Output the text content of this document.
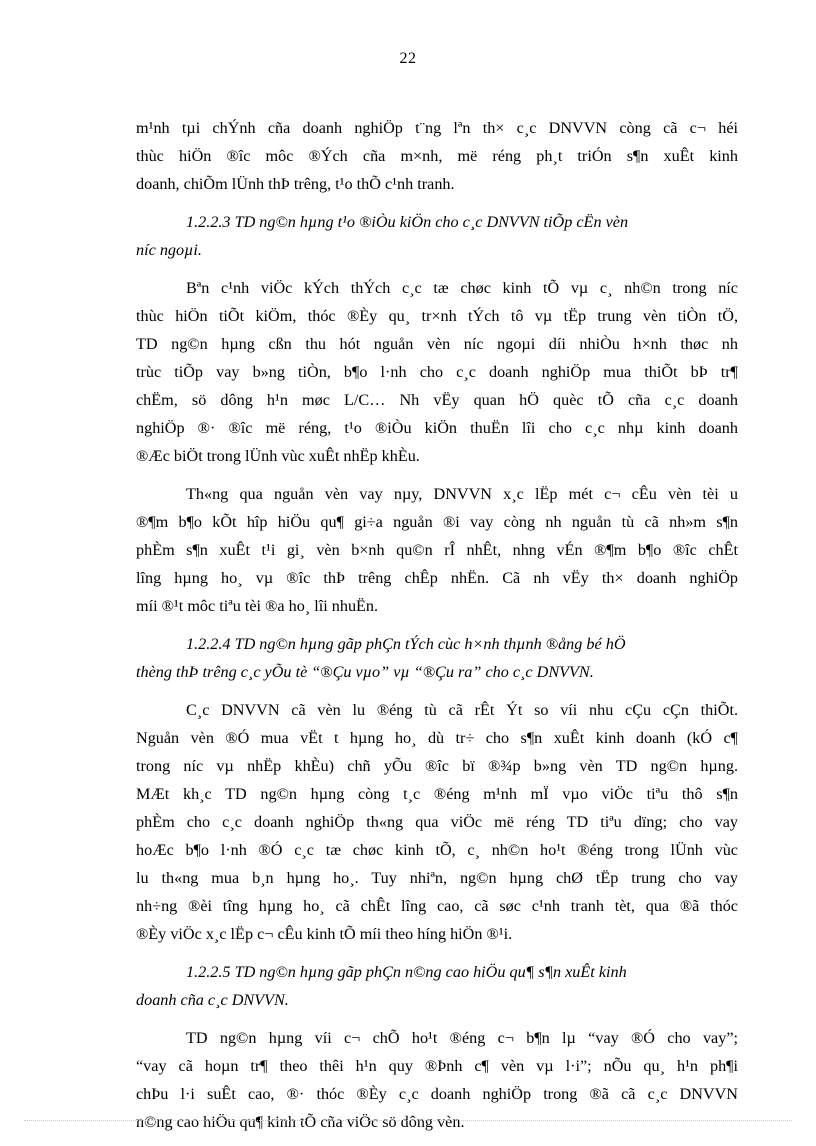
22
m¹nh tµi chÝnh cña doanh nghiÖp t¨ng lªn th× c¸c DNVVN còng cã c¬ héi
thùc hiÖn ®îc môc ®Ých cña m×nh, më réng ph¸t triÓn s¶n xuÊt kinh
doanh, chiÕm lÜnh thÞ trêng, t¹o thÕ c¹nh tranh.
1.2.2.3 TD ng©n hµng t¹o ®iÒu kiÖn cho c¸c DNVVN tiÕp cËn vèn
níc ngoµi.
Bªn c¹nh viÖc kÝch thÝch c¸c tæ chøc kinh tÕ vµ c¸ nh©n trong níc
thùc hiÖn tiÕt kiÖm, thóc ®Èy qu¸ tr×nh tÝch tô vµ tËp trung vèn tiÒn tÖ,
TD ng©n hµng cßn thu hót nguån vèn níc ngoµi díi nhiÒu h×nh thøc nh
trùc tiÕp vay b»ng tiÒn, b¶o l·nh cho c¸c doanh nghiÖp mua thiÕt bÞ tr¶
chËm, sö dông h¹n møc L/C… Nh vËy quan hÖ quèc tÕ cña c¸c doanh
nghiÖp ®· ®îc më réng, t¹o ®iÒu kiÖn thuËn lîi cho c¸c nhµ kinh doanh
®Æc biÖt trong lÜnh vùc xuÊt nhËp khÈu.
Th«ng qua nguån vèn vay nµy, DNVVN x¸c lËp mét c¬ cÊu vèn tèi u
®¶m b¶o kÕt hîp hiÖu qu¶ gi÷a nguån ®i vay còng nh nguån tù cã nh»m s¶n
phÈm s¶n xuÊt t¹i gi¸ vèn b×nh qu©n rÎ nhÊt, nhng vÉn ®¶m b¶o ®îc chÊt
lîng hµng ho¸ vµ ®îc thÞ trêng chÊp nhËn. Cã nh vËy th× doanh nghiÖp
míi ®¹t môc tiªu tèi ®a ho¸ lîi nhuËn.
1.2.2.4 TD ng©n hµng gãp phÇn tÝch cùc h×nh thµnh ®ång bé hÖ
thèng thÞ trêng c¸c yÕu tè “®Çu vµo” vµ “®Çu ra” cho c¸c DNVVN.
C¸c DNVVN cã vèn lu ®éng tù cã rÊt Ýt so víi nhu cÇu cÇn thiÕt.
Nguån vèn ®Ó mua vËt t hµng ho¸ dù tr÷ cho s¶n xuÊt kinh doanh (kÓ c¶
trong níc vµ nhËp khÈu) chñ yÕu ®îc bï ®¾p b»ng vèn TD ng©n hµng.
MÆt kh¸c TD ng©n hµng còng t¸c ®éng m¹nh mÏ vµo viÖc tiªu thô s¶n
phÈm cho c¸c doanh nghiÖp th«ng qua viÖc më réng TD tiªu dïng; cho vay
hoÆc b¶o l·nh ®Ó c¸c tæ chøc kinh tÕ, c¸ nh©n ho¹t ®éng trong lÜnh vùc
lu th«ng mua b¸n hµng ho¸. Tuy nhiªn, ng©n hµng chØ tËp trung cho vay
nh÷ng ®èi tîng hµng ho¸ cã chÊt lîng cao, cã søc c¹nh tranh tèt, qua ®ã thóc
®Èy viÖc x¸c lËp c¬ cÊu kinh tÕ míi theo híng hiÖn ®¹i.
1.2.2.5 TD ng©n hµng gãp phÇn n©ng cao hiÖu qu¶ s¶n xuÊt kinh
doanh cña c¸c DNVVN.
TD ng©n hµng víi c¬ chÕ ho¹t ®éng c¬ b¶n lµ “vay ®Ó cho vay”;
“vay cã hoµn tr¶ theo thêi h¹n quy ®Þnh c¶ vèn vµ l·i”; nÕu qu¸ h¹n ph¶i
chÞu l·i suÊt cao, ®· thóc ®Èy c¸c doanh nghiÖp trong ®ã cã c¸c DNVVN
n©ng cao hiÖu qu¶ kinh tÕ cña viÖc sö dông vèn.
